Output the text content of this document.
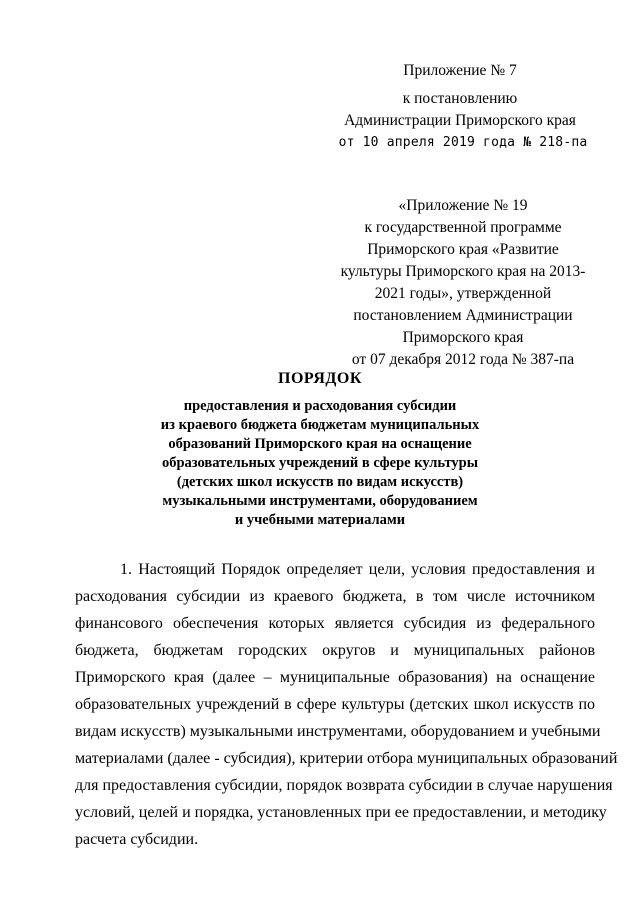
Приложение № 7
к постановлению
Администрации Приморского края
от 10 апреля 2019 года № 218-па
«Приложение № 19
к государственной программе
Приморского края «Развитие
культуры Приморского края на 2013-
2021 годы», утвержденной
постановлением Администрации
Приморского края
от 07 декабря 2012 года № 387-па
ПОРЯДОК
предоставления и расходования субсидии
из краевого бюджета бюджетам муниципальных
образований Приморского края на оснащение
образовательных учреждений в сфере культуры
(детских школ искусств по видам искусств)
музыкальными инструментами, оборудованием
и учебными материалами
1. Настоящий Порядок определяет цели, условия предоставления и
расходования субсидии из краевого бюджета, в том числе источником
финансового обеспечения которых является субсидия из федерального
бюджета, бюджетам городских округов и муниципальных районов
Приморского края (далее – муниципальные образования) на оснащение
образовательных учреждений в сфере культуры (детских школ искусств по
видам искусств) музыкальными инструментами, оборудованием и учебными
материалами (далее - субсидия), критерии отбора муниципальных образований
для предоставления субсидии, порядок возврата субсидии в случае нарушения
условий, целей и порядка, установленных при ее предоставлении, и методику
расчета субсидии.
